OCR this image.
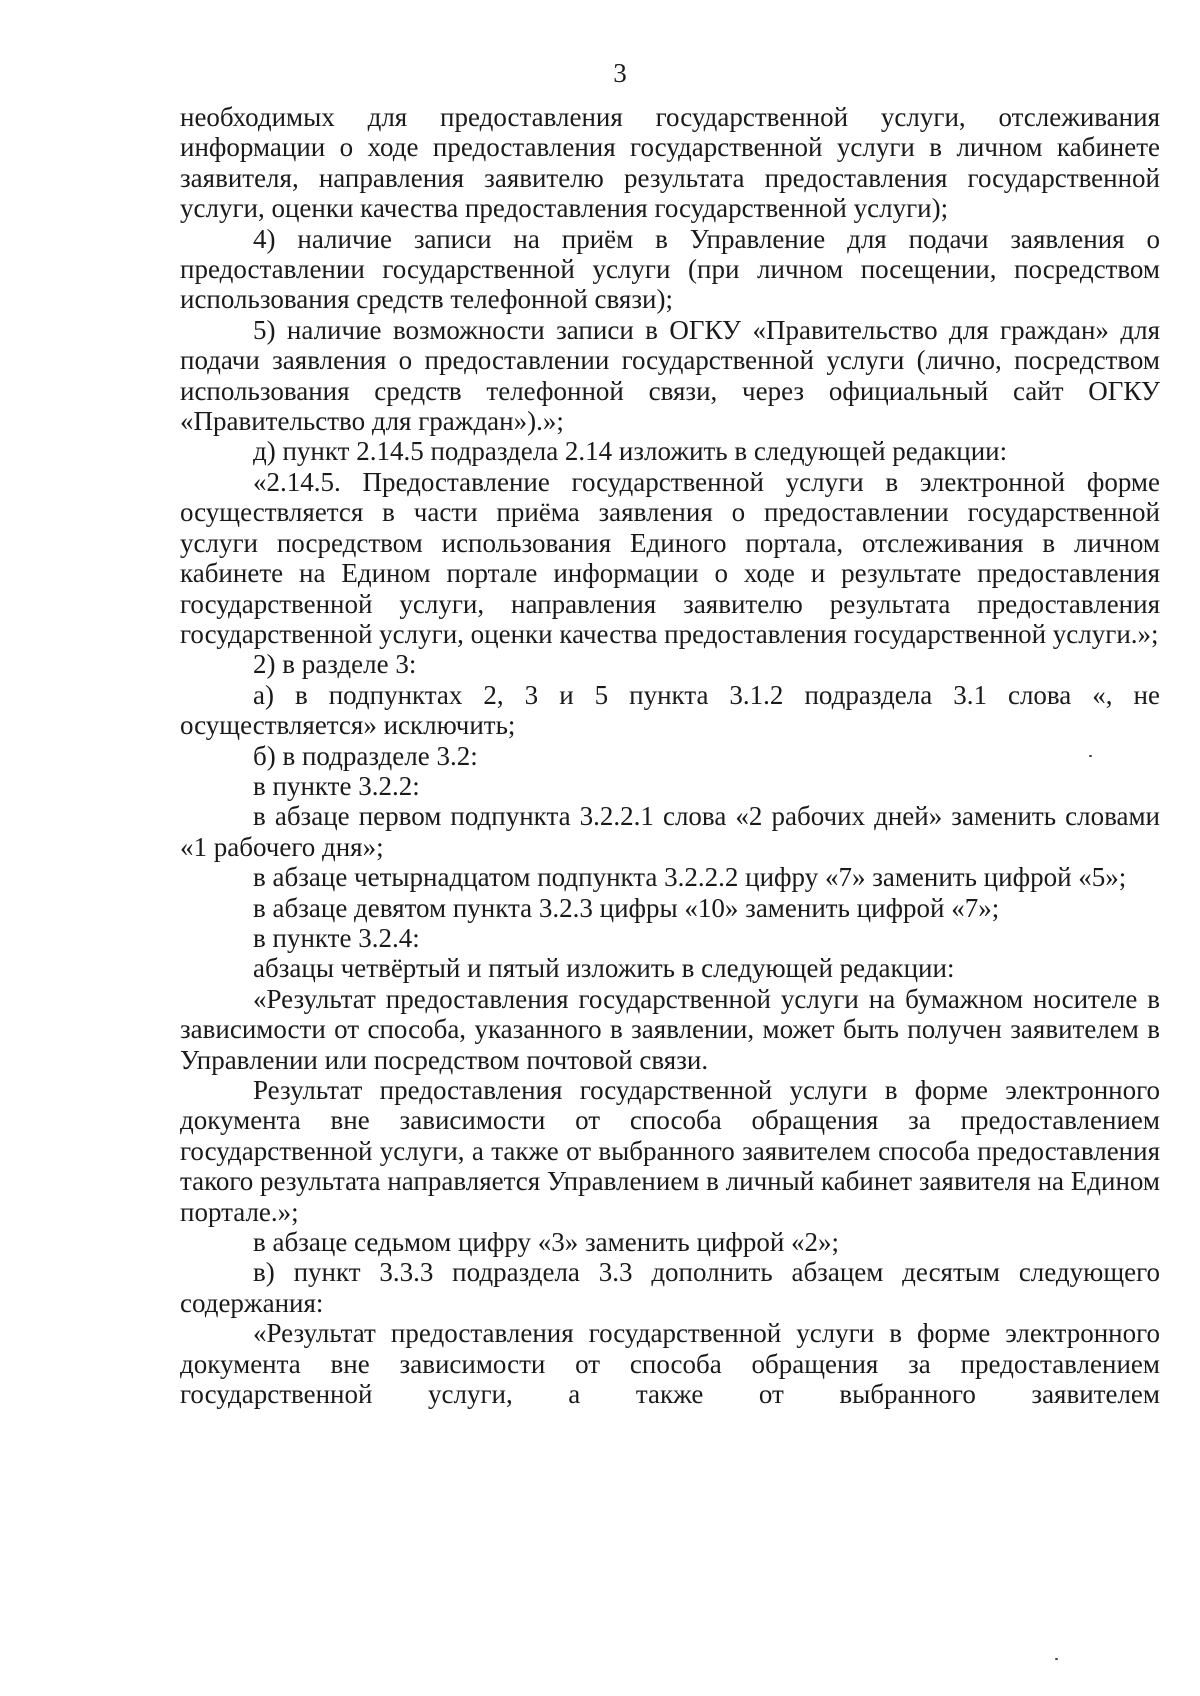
3

необходимых для предоставления государственной услуги, отслеживания информации о ходе предоставления государственной услуги в личном кабинете заявителя, направления заявителю результата предоставления государственной услуги, оценки качества предоставления государственной услуги);

4) наличие записи на приём в Управление для подачи заявления о предоставлении государственной услуги (при личном посещении, посредством использования средств телефонной связи);

5) наличие возможности записи в ОГКУ «Правительство для граждан» для подачи заявления о предоставлении государственной услуги (лично, посредством использования средств телефонной связи, через официальный сайт ОГКУ «Правительство для граждан»).»;

д) пункт 2.14.5 подраздела 2.14 изложить в следующей редакции:

«2.14.5. Предоставление государственной услуги в электронной форме осуществляется в части приёма заявления о предоставлении государственной услуги посредством использования Единого портала, отслеживания в личном кабинете на Едином портале информации о ходе и результате предоставления государственной услуги, направления заявителю результата предоставления государственной услуги, оценки качества предоставления государственной услуги.»;

2) в разделе 3:

а) в подпунктах 2, 3 и 5 пункта 3.1.2 подраздела 3.1 слова «, не осуществляется» исключить;

б) в подразделе 3.2:

в пункте 3.2.2:

в абзаце первом подпункта 3.2.2.1 слова «2 рабочих дней» заменить словами «1 рабочего дня»;

в абзаце четырнадцатом подпункта 3.2.2.2 цифру «7» заменить цифрой «5»;

в абзаце девятом пункта 3.2.3 цифры «10» заменить цифрой «7»;

в пункте 3.2.4:

абзацы четвёртый и пятый изложить в следующей редакции:

«Результат предоставления государственной услуги на бумажном носителе в зависимости от способа, указанного в заявлении, может быть получен заявителем в Управлении или посредством почтовой связи.

Результат предоставления государственной услуги в форме электронного документа вне зависимости от способа обращения за предоставлением государственной услуги, а также от выбранного заявителем способа предоставления такого результата направляется Управлением в личный кабинет заявителя на Едином портале.»;

в абзаце седьмом цифру «3» заменить цифрой «2»;

в) пункт 3.3.3 подраздела 3.3 дополнить абзацем десятым следующего содержания:

«Результат предоставления государственной услуги в форме электронного документа вне зависимости от способа обращения за предоставлением государственной услуги, а также от выбранного заявителем
